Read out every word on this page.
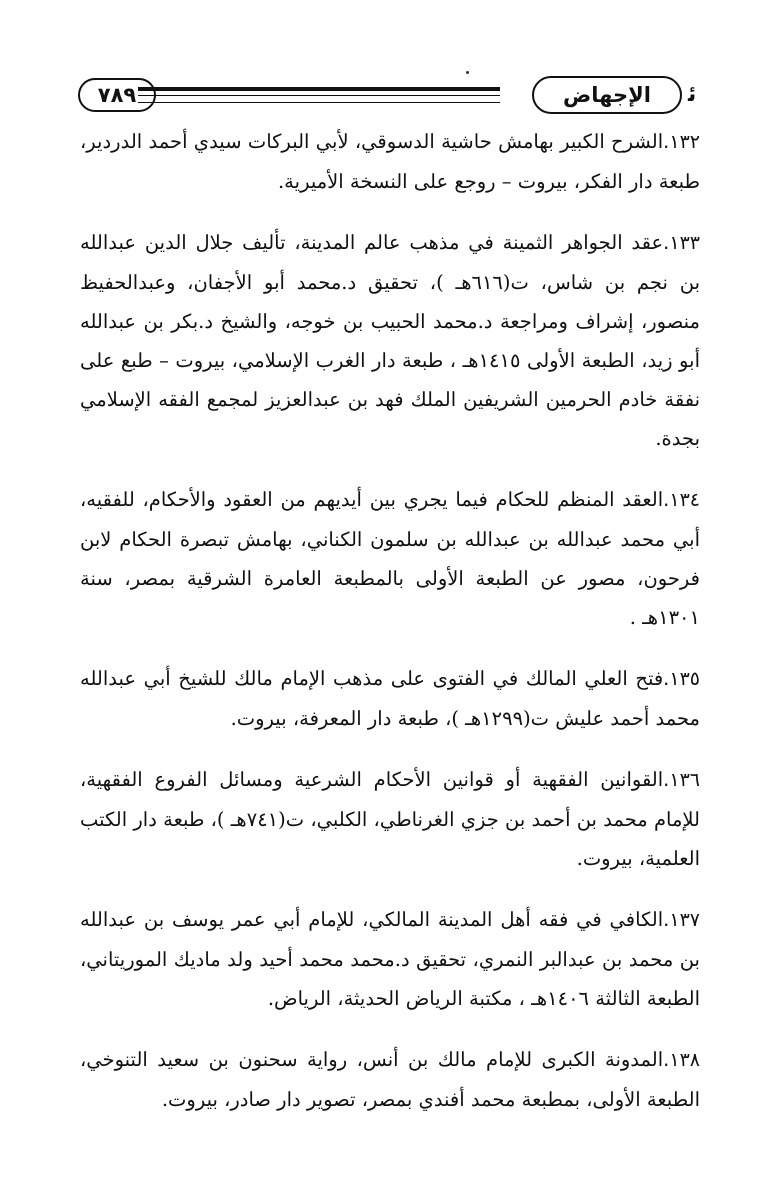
٧٨٩	الإجهاض	ﺋ

١٣٢.الشرح الكبير بهامش حاشية الدسوقي، لأبي البركات سيدي أحمد الدردير، طبعة دار الفكر، بيروت – روجع على النسخة الأميرية.

١٣٣.عقد الجواهر الثمينة في مذهب عالم المدينة، تأليف جلال الدين عبدالله بن نجم بن شاس، ت(٦١٦هـ )، تحقيق د.محمد أبو الأجفان، وعبدالحفيظ منصور، إشراف ومراجعة د.محمد الحبيب بن خوجه، والشيخ د.بكر بن عبدالله أبو زيد، الطبعة الأولى ١٤١٥هـ ، طبعة دار الغرب الإسلامي، بيروت – طبع على نفقة خادم الحرمين الشريفين الملك فهد بن عبدالعزيز لمجمع الفقه الإسلامي بجدة.

١٣٤.العقد المنظم للحكام فيما يجري بين أيديهم من العقود والأحكام، للفقيه، أبي محمد عبدالله بن عبدالله بن سلمون الكناني، بهامش تبصرة الحكام لابن فرحون، مصور عن الطبعة الأولى بالمطبعة العامرة الشرقية بمصر، سنة ١٣٠١هـ .

١٣٥.فتح العلي المالك في الفتوى على مذهب الإمام مالك للشيخ أبي عبدالله محمد أحمد عليش ت(١٢٩٩هـ )، طبعة دار المعرفة، بيروت.

١٣٦.القوانين الفقهية أو قوانين الأحكام الشرعية ومسائل الفروع الفقهية، للإمام محمد بن أحمد بن جزي الغرناطي، الكلبي، ت(٧٤١هـ )، طبعة دار الكتب العلمية، بيروت.

١٣٧.الكافي في فقه أهل المدينة المالكي، للإمام أبي عمر يوسف بن عبدالله بن محمد بن عبدالبر النمري، تحقيق د.محمد محمد أحيد ولد ماديك الموريتاني، الطبعة الثالثة ١٤٠٦هـ ، مكتبة الرياض الحديثة، الرياض.

١٣٨.المدونة الكبرى للإمام مالك بن أنس، رواية سحنون بن سعيد التنوخي، الطبعة الأولى، بمطبعة محمد أفندي بمصر، تصوير دار صادر، بيروت.
